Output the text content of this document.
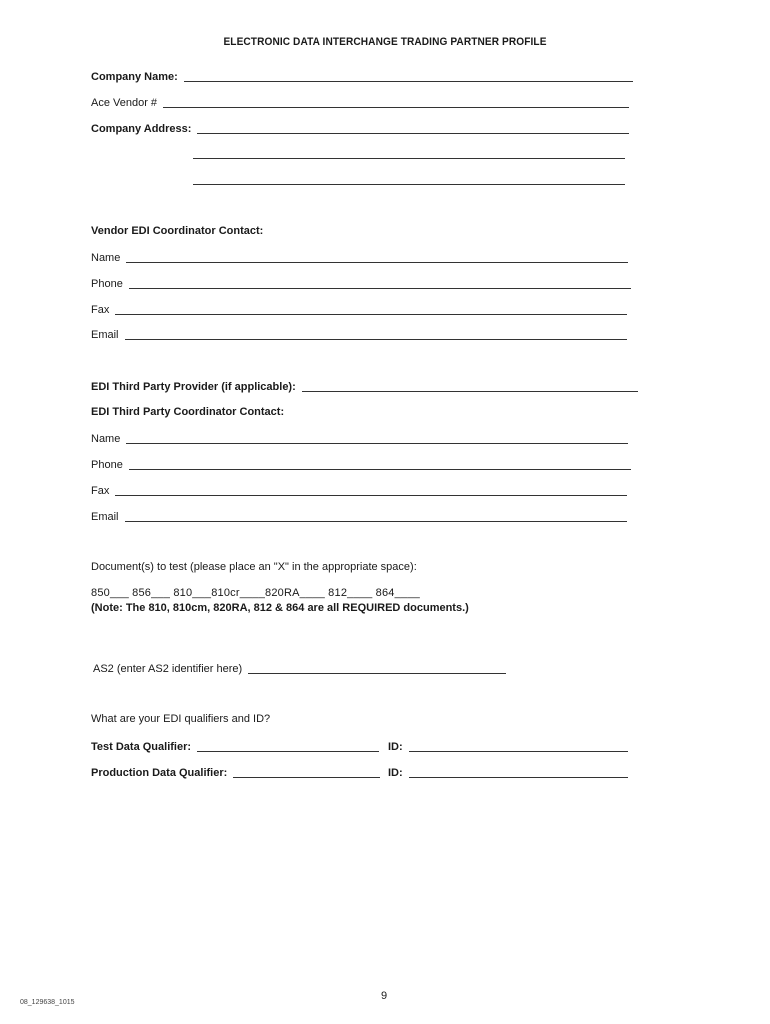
ELECTRONIC DATA INTERCHANGE TRADING PARTNER PROFILE
Company Name:
Ace Vendor #
Company Address:
Vendor EDI Coordinator Contact:
Name
Phone
Fax
Email
EDI Third Party Provider (if applicable):
EDI Third Party Coordinator Contact:
Name
Phone
Fax
Email
Document(s) to test (please place an "X" in the appropriate space):
850___ 856___ 810___810cr____820RA____ 812____ 864____
(Note: The 810, 810cm, 820RA, 812 & 864 are all REQUIRED documents.)
AS2 (enter AS2 identifier here)
What are your EDI qualifiers and ID?
Test Data Qualifier:	ID:
Production Data Qualifier:	ID:
9
08_129638_1015
